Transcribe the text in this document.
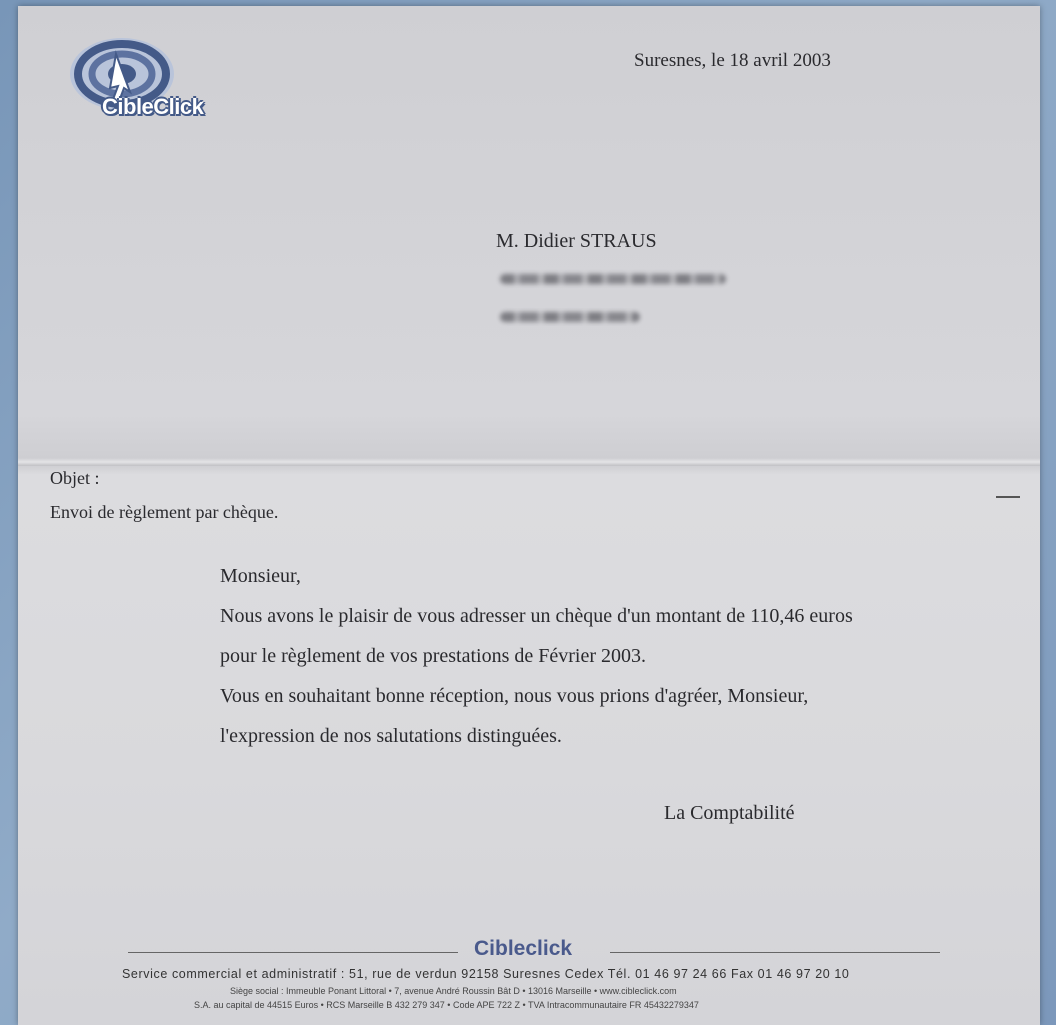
CibleClick
Suresnes, le 18 avril 2003
M. Didier STRAUS
Objet :
Envoi de règlement par chèque.
Monsieur,
Nous avons le plaisir de vous adresser un chèque d'un montant de 110,46 euros
pour le règlement de vos prestations de Février 2003.
Vous en souhaitant bonne réception, nous vous prions d'agréer, Monsieur,
l'expression de nos salutations distinguées.
La Comptabilité
Cibleclick
Service commercial et administratif : 51, rue de verdun 92158 Suresnes Cedex Tél. 01 46 97 24 66 Fax 01 46 97 20 10
Siège social : Immeuble Ponant Littoral • 7, avenue André Roussin Bât D • 13016 Marseille • www.cibleclick.com
S.A. au capital de 44515 Euros • RCS Marseille B 432 279 347 • Code APE 722 Z • TVA Intracommunautaire FR 45432279347
